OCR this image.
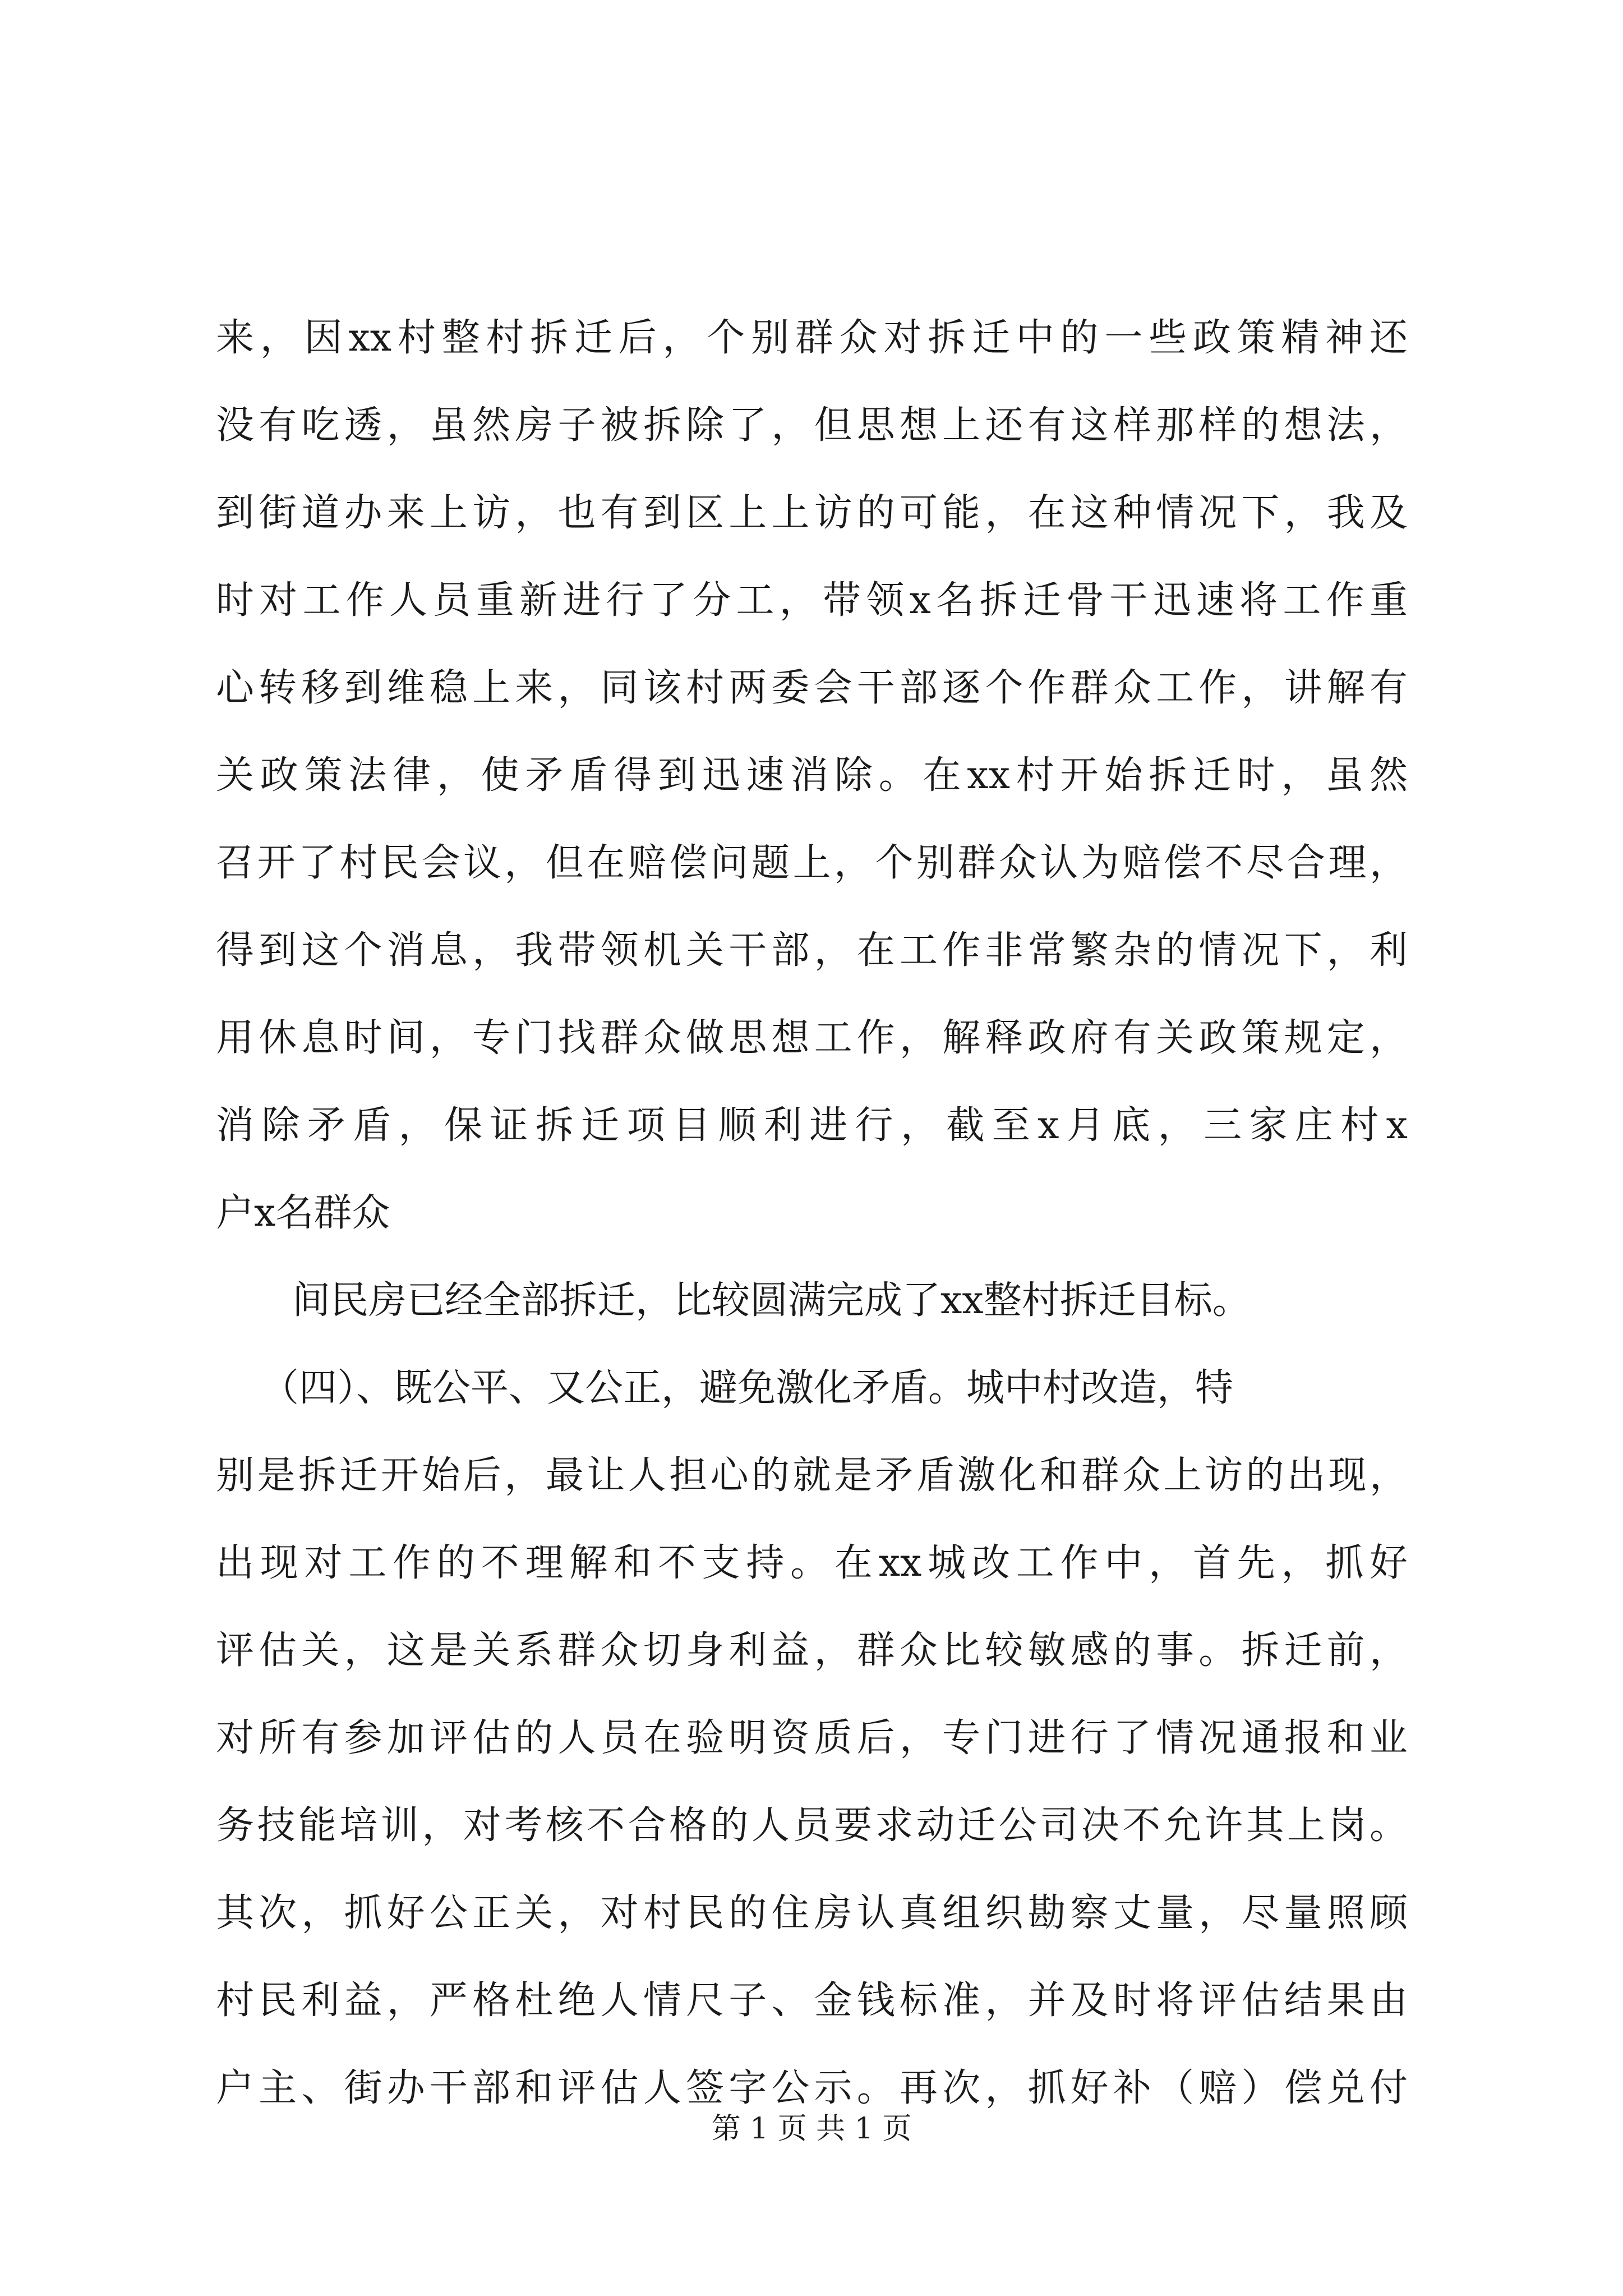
来，因xx村整村拆迁后，个别群众对拆迁中的一些政策精神还
没有吃透，虽然房子被拆除了，但思想上还有这样那样的想法，
到街道办来上访，也有到区上上访的可能，在这种情况下，我及
时对工作人员重新进行了分工，带领x名拆迁骨干迅速将工作重
心转移到维稳上来，同该村两委会干部逐个作群众工作，讲解有
关政策法律，使矛盾得到迅速消除。在xx村开始拆迁时，虽然
召开了村民会议，但在赔偿问题上，个别群众认为赔偿不尽合理，
得到这个消息，我带领机关干部，在工作非常繁杂的情况下，利
用休息时间，专门找群众做思想工作，解释政府有关政策规定，
消除矛盾，保证拆迁项目顺利进行，截至x月底，三家庄村x
户x名群众
间民房已经全部拆迁，比较圆满完成了xx整村拆迁目标。
（四）、既公平、又公正，避免激化矛盾。城中村改造，特
别是拆迁开始后，最让人担心的就是矛盾激化和群众上访的出现，
出现对工作的不理解和不支持。在xx城改工作中，首先，抓好
评估关，这是关系群众切身利益，群众比较敏感的事。拆迁前，
对所有参加评估的人员在验明资质后，专门进行了情况通报和业
务技能培训，对考核不合格的人员要求动迁公司决不允许其上岗。
其次，抓好公正关，对村民的住房认真组织勘察丈量，尽量照顾
村民利益，严格杜绝人情尺子、金钱标准，并及时将评估结果由
户主、街办干部和评估人签字公示。再次，抓好补（赔）偿兑付
第 1 页 共 1 页
